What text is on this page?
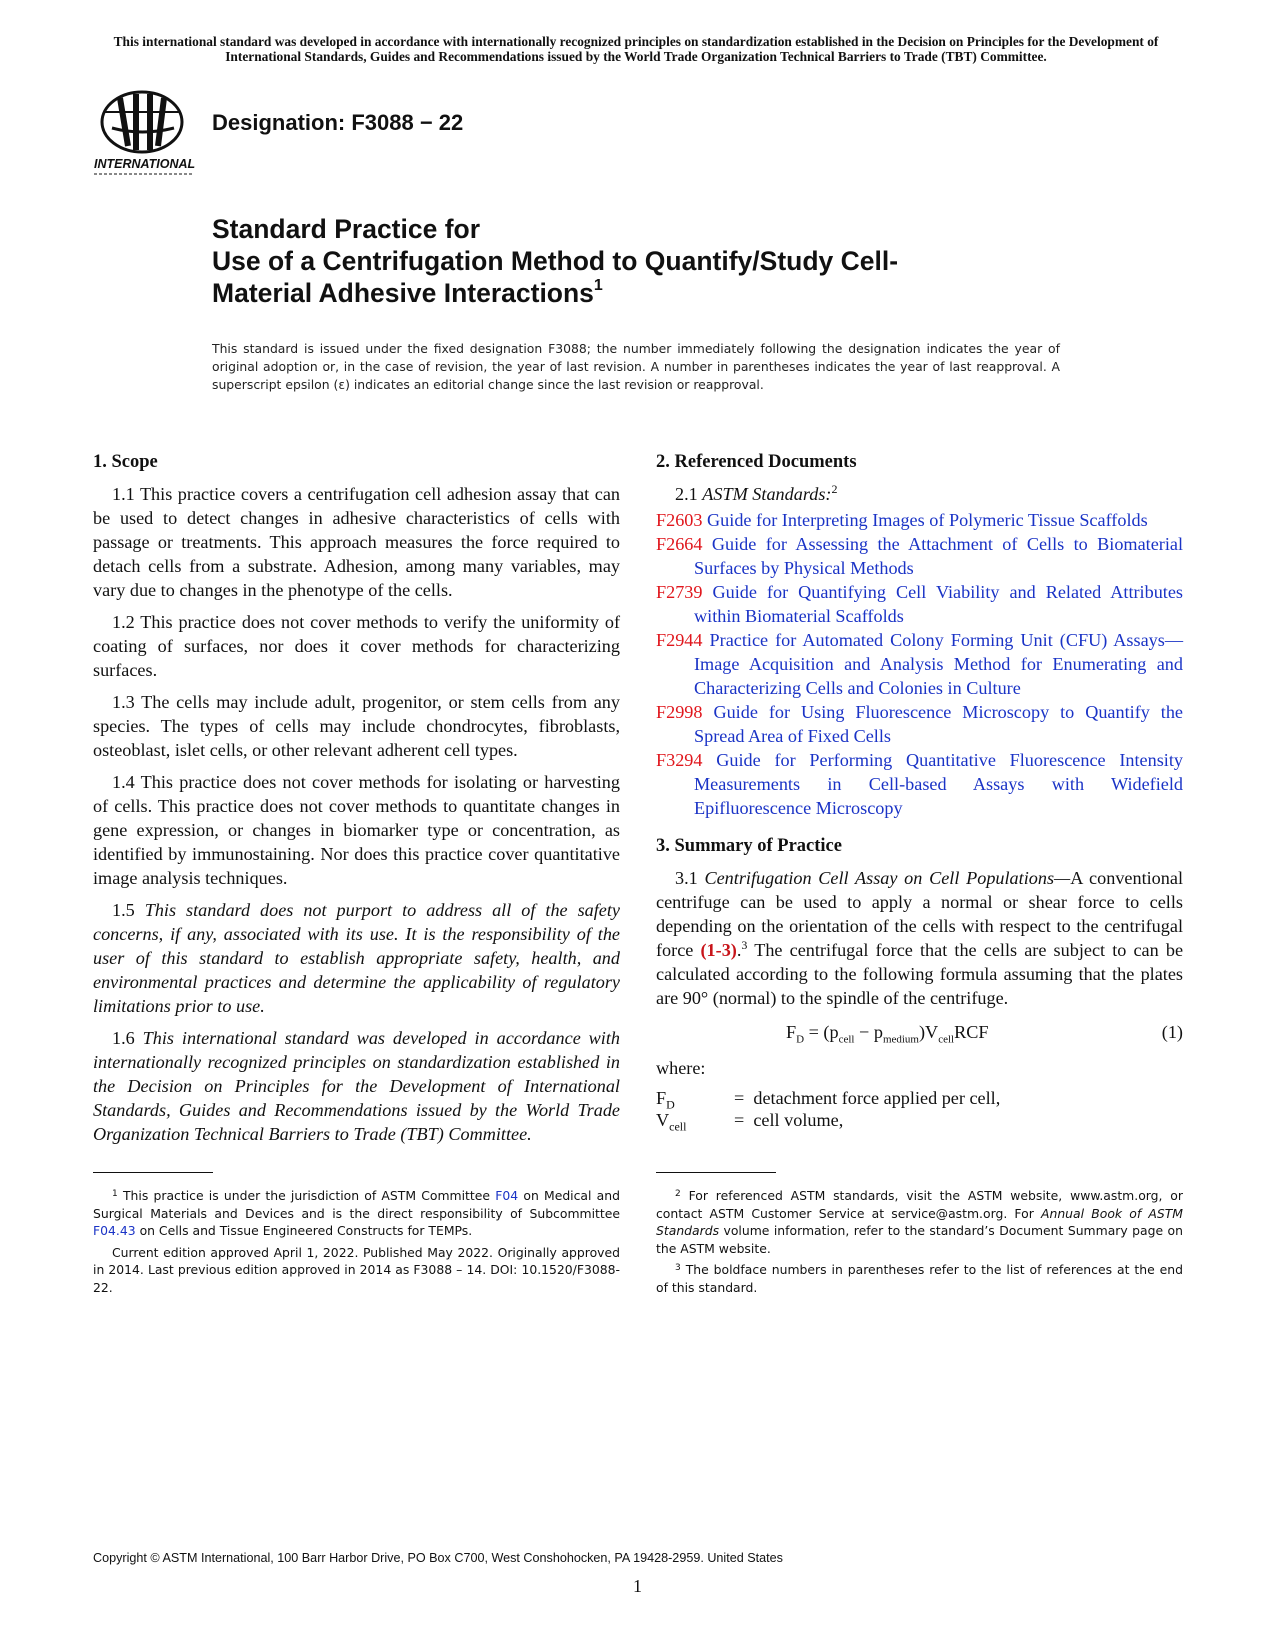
This international standard was developed in accordance with internationally recognized principles on standardization established in the Decision on Principles for the Development of International Standards, Guides and Recommendations issued by the World Trade Organization Technical Barriers to Trade (TBT) Committee.
INTERNATIONAL
Designation: F3088 − 22
Standard Practice for
Use of a Centrifugation Method to Quantify/Study Cell-
Material Adhesive Interactions$^1$
This standard is issued under the fixed designation F3088; the number immediately following the designation indicates the year of original adoption or, in the case of revision, the year of last revision. A number in parentheses indicates the year of last reapproval. A superscript epsilon (ε) indicates an editorial change since the last revision or reapproval.
1. Scope

1.1 This practice covers a centrifugation cell adhesion assay that can be used to detect changes in adhesive characteristics of cells with passage or treatments. This approach measures the force required to detach cells from a substrate. Adhesion, among many variables, may vary due to changes in the phenotype of the cells.

1.2 This practice does not cover methods to verify the uniformity of coating of surfaces, nor does it cover methods for characterizing surfaces.

1.3 The cells may include adult, progenitor, or stem cells from any species. The types of cells may include chondrocytes, fibroblasts, osteoblast, islet cells, or other relevant adherent cell types.

1.4 This practice does not cover methods for isolating or harvesting of cells. This practice does not cover methods to quantitate changes in gene expression, or changes in biomarker type or concentration, as identified by immunostaining. Nor does this practice cover quantitative image analysis techniques.

1.5 This standard does not purport to address all of the safety concerns, if any, associated with its use. It is the responsibility of the user of this standard to establish appropriate safety, health, and environmental practices and determine the applicability of regulatory limitations prior to use.

1.6 This international standard was developed in accordance with internationally recognized principles on standardization established in the Decision on Principles for the Development of International Standards, Guides and Recommendations issued by the World Trade Organization Technical Barriers to Trade (TBT) Committee.

$^1$ This practice is under the jurisdiction of ASTM Committee F04 on Medical and Surgical Materials and Devices and is the direct responsibility of Subcommittee F04.43 on Cells and Tissue Engineered Constructs for TEMPs.

Current edition approved April 1, 2022. Published May 2022. Originally approved in 2014. Last previous edition approved in 2014 as F3088 – 14. DOI: 10.1520/F3088-22.

2. Referenced Documents

2.1 ASTM Standards:$^2$

F2603 Guide for Interpreting Images of Polymeric Tissue Scaffolds

F2664 Guide for Assessing the Attachment of Cells to Biomaterial Surfaces by Physical Methods

F2739 Guide for Quantifying Cell Viability and Related Attributes within Biomaterial Scaffolds

F2944 Practice for Automated Colony Forming Unit (CFU) Assays—Image Acquisition and Analysis Method for Enumerating and Characterizing Cells and Colonies in Culture

F2998 Guide for Using Fluorescence Microscopy to Quantify the Spread Area of Fixed Cells

F3294 Guide for Performing Quantitative Fluorescence Intensity Measurements in Cell-based Assays with Widefield Epifluorescence Microscopy

3. Summary of Practice

3.1 Centrifugation Cell Assay on Cell Populations—A conventional centrifuge can be used to apply a normal or shear force to cells depending on the orientation of the cells with respect to the centrifugal force (1-3).$^3$ The centrifugal force that the cells are subject to can be calculated according to the following formula assuming that the plates are 90° (normal) to the spindle of the centrifuge.

$F_D = (p_{cell} - p_{medium})V_{cell}RCF$	(1)
where:
$F_D$	= detachment force applied per cell,
$V_{cell}$	= cell volume,

$^2$ For referenced ASTM standards, visit the ASTM website, www.astm.org, or contact ASTM Customer Service at service@astm.org. For Annual Book of ASTM Standards volume information, refer to the standard’s Document Summary page on the ASTM website.

$^3$ The boldface numbers in parentheses refer to the list of references at the end of this standard.

Copyright © ASTM International, 100 Barr Harbor Drive, PO Box C700, West Conshohocken, PA 19428-2959. United States
1
